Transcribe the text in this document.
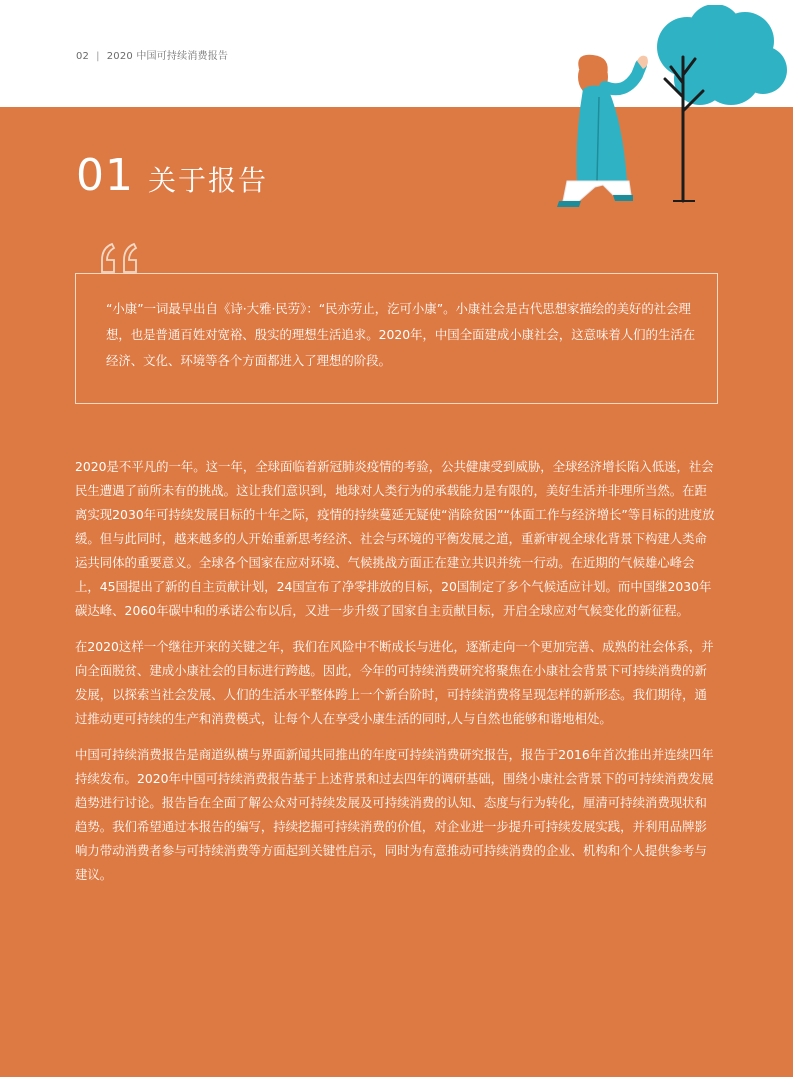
02 | 2020 中国可持续消费报告
01 关于报告
“小康”一词最早出自《诗·大雅·民劳》：“民亦劳止，汔可小康”。小康社会是古代思想家描绘的美好的社会理想，也是普通百姓对宽裕、殷实的理想生活追求。2020年，中国全面建成小康社会，这意味着人们的生活在经济、文化、环境等各个方面都进入了理想的阶段。

2020是不平凡的一年。这一年，全球面临着新冠肺炎疫情的考验，公共健康受到威胁，全球经济增长陷入低迷，社会民生遭遇了前所未有的挑战。这让我们意识到，地球对人类行为的承载能力是有限的，美好生活并非理所当然。在距离实现2030年可持续发展目标的十年之际，疫情的持续蔓延无疑使“消除贫困”“体面工作与经济增长”等目标的进度放缓。但与此同时，越来越多的人开始重新思考经济、社会与环境的平衡发展之道，重新审视全球化背景下构建人类命运共同体的重要意义。全球各个国家在应对环境、气候挑战方面正在建立共识并统一行动。在近期的气候雄心峰会上，45国提出了新的自主贡献计划，24国宣布了净零排放的目标，20国制定了多个气候适应计划。而中国继2030年碳达峰、2060年碳中和的承诺公布以后，又进一步升级了国家自主贡献目标，开启全球应对气候变化的新征程。

在2020这样一个继往开来的关键之年，我们在风险中不断成长与进化，逐渐走向一个更加完善、成熟的社会体系，并向全面脱贫、建成小康社会的目标进行跨越。因此，今年的可持续消费研究将聚焦在小康社会背景下可持续消费的新发展，以探索当社会发展、人们的生活水平整体跨上一个新台阶时，可持续消费将呈现怎样的新形态。我们期待，通过推动更可持续的生产和消费模式，让每个人在享受小康生活的同时,人与自然也能够和谐地相处。

中国可持续消费报告是商道纵横与界面新闻共同推出的年度可持续消费研究报告，报告于2016年首次推出并连续四年持续发布。2020年中国可持续消费报告基于上述背景和过去四年的调研基础，围绕小康社会背景下的可持续消费发展趋势进行讨论。报告旨在全面了解公众对可持续发展及可持续消费的认知、态度与行为转化，厘清可持续消费现状和趋势。我们希望通过本报告的编写，持续挖掘可持续消费的价值，对企业进一步提升可持续发展实践，并利用品牌影响力带动消费者参与可持续消费等方面起到关键性启示，同时为有意推动可持续消费的企业、机构和个人提供参考与建议。
